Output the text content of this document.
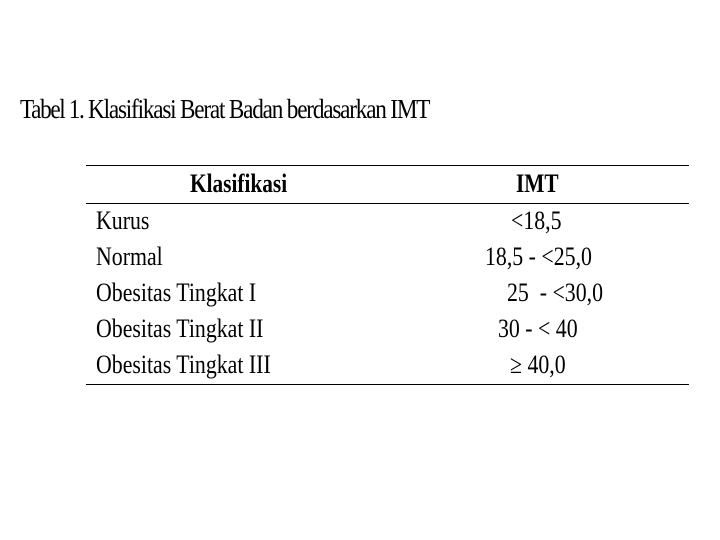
Tabel 1. Klasifikasi Berat Badan berdasarkan IMT
Klasifikasi	IMT
Kurus	<18,5
Normal	18,5 - <25,0
Obesitas Tingkat I	25  - <30,0
Obesitas Tingkat II	30 - < 40
Obesitas Tingkat III	≥ 40,0
